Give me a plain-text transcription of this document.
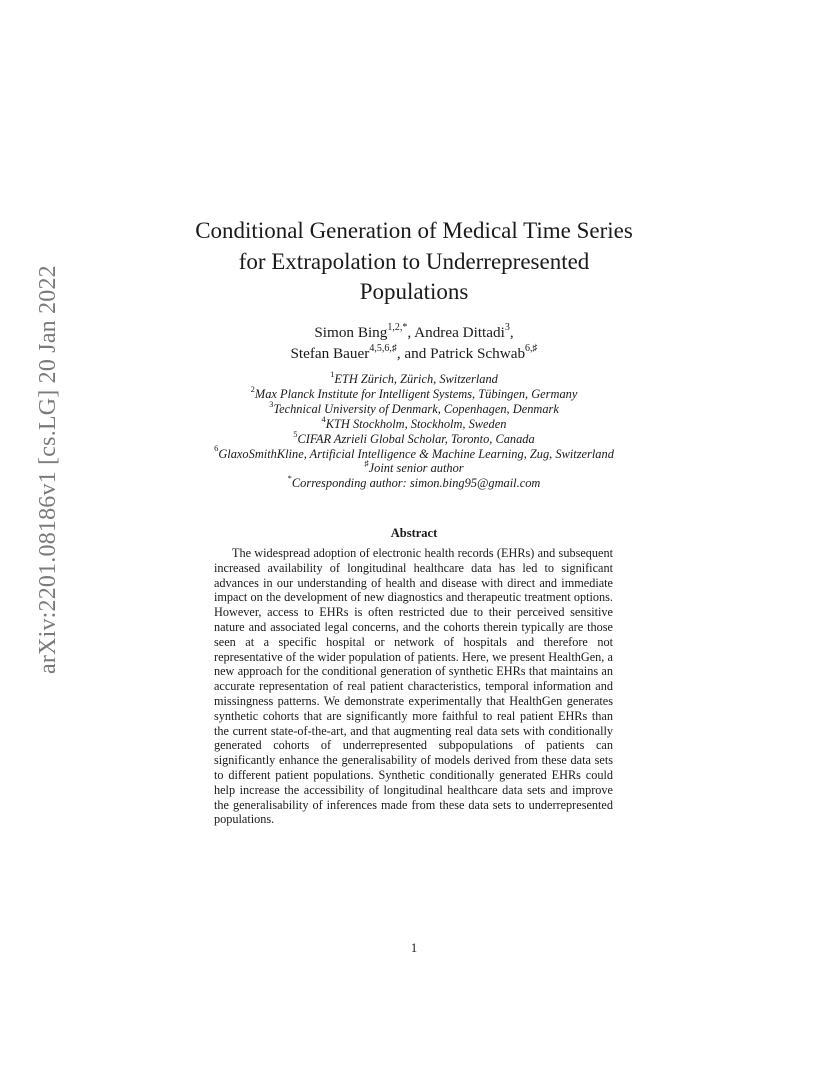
arXiv:2201.08186v1 [cs.LG] 20 Jan 2022
Conditional Generation of Medical Time Series
for Extrapolation to Underrepresented
Populations
Simon Bing$^{1,2,*}$, Andrea Dittadi$^3$,
Stefan Bauer$^{4,5,6,♯}$, and Patrick Schwab$^{6,♯}$
$^1$ETH Zürich, Zürich, Switzerland
$^2$Max Planck Institute for Intelligent Systems, Tübingen, Germany
$^3$Technical University of Denmark, Copenhagen, Denmark
$^4$KTH Stockholm, Stockholm, Sweden
$^5$CIFAR Azrieli Global Scholar, Toronto, Canada
$^6$GlaxoSmithKline, Artificial Intelligence & Machine Learning, Zug, Switzerland
♯Joint senior author
*Corresponding author: simon.bing95@gmail.com
Abstract

The widespread adoption of electronic health records (EHRs) and subsequent increased availability of longitudinal healthcare data has led to significant advances in our understanding of health and disease with direct and immediate impact on the development of new diagnostics and therapeutic treatment options. However, access to EHRs is often restricted due to their perceived sensitive nature and associated legal concerns, and the cohorts therein typically are those seen at a specific hospital or network of hospitals and therefore not representative of the wider population of patients. Here, we present HealthGen, a new approach for the conditional generation of synthetic EHRs that maintains an accurate representation of real patient characteristics, temporal information and missingness patterns. We demonstrate experimentally that HealthGen generates synthetic cohorts that are significantly more faithful to real patient EHRs than the current state-of-the-art, and that augmenting real data sets with conditionally generated cohorts of underrepresented subpopulations of patients can significantly enhance the generalisability of models derived from these data sets to different patient populations. Synthetic conditionally generated EHRs could help increase the accessibility of longitudinal healthcare data sets and improve the generalisability of inferences made from these data sets to underrepresented populations.

1
